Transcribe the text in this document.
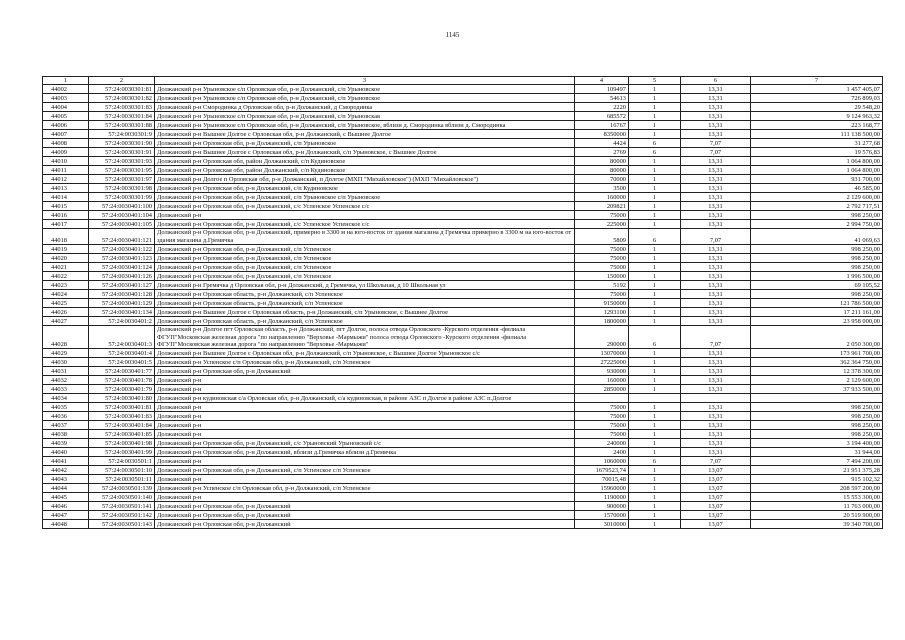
1145
1	2	3	4	5	6	7
44002	57:24:0030301:81	Должанский р-н Урыновское с/п Орловская обл, р-н Должанский, с/п Урыновское	109497	1	13,31	1 457 405,07
44003	57:24:0030301:82	Должанский р-н Урыновское с/п Орловская обл, р-н Должанский, с/п Урыновское	54613	1	13,31	726 899,03
44004	57:24:0030301:83	Должанский р-н Смородинка д Орловская обл, р-н Должанский, д Смородинка	2220	1	13,31	29 548,20
44005	57:24:0030301:84	Должанский р-н Урыновское с/п Орловская обл, р-н Должанский, с/п Урыновская	685572	1	13,31	9 124 963,32
44006	57:24:0030301:88	Должанский р-н Урыновское с/п Орловская обл, р-н Должанский, с/п Урыновское, вблизи д. Смородинка вблизи д. Смородинка	16767	1	13,31	223 168,77
44007	57:24:0030301:9	Должанский р-н Вышнее Долгое с Орловская обл, р-н Должанский, с Вышнее Долгое	8350000	1	13,31	111 138 500,00
44008	57:24:0030301:90	Должанский р-н Орловская обл, р-н Должанский, с/п Урыновское	4424	6	7,07	31 277,68
44009	57:24:0030301:91	Должанский р-н Вышнее Долгое с Орловская обл, р-н Должанский, с/п Урыновское, с Вышнее Долгое	2769	6	7,07	19 576,83
44010	57:24:0030301:93	Должанский р-н Орловская обл, район Должанский, с/п Кудиновское	80000	1	13,31	1 064 800,00
44011	57:24:0030301:95	Должанский р-н Орловская обл, район Должанский, с/п Кудиновское	80000	1	13,31	1 064 800,00
44012	57:24:0030301:97	Должанский р-н Долгое п Орловская обл, р-н Должанский, п Долгое (МХП "Михайловское") (МХП "Михайловское")	70000	1	13,31	931 700,00
44013	57:24:0030301:98	Должанский р-н Орловская обл, р-н Должанский, с/п Кудиновское	3500	1	13,31	46 585,00
44014	57:24:0030301:99	Должанский р-н Орловская обл, р-н Должанский, с/п Урыновское с/п Урыновское	160000	1	13,31	2 129 600,00
44015	57:24:0030401:100	Должанский р-н Орловская обл, р-н Должанский, с/с Успенское Успенское с/с	209821	1	13,31	2 792 717,51
44016	57:24:0030401:104	Должанский р-н	75000	1	13,31	998 250,00
44017	57:24:0030401:105	Должанский р-н Орловская обл, р-н Должанский, с/с Успенское Успенское с/с	225000	1	13,31	2 994 750,00
44018	57:24:0030401:121	Должанский р-н Орловская обл, р-н Должанский, примерно в 3300 м на юго-восток от здания магазина д Гремячка примерно в 3300 м на юго-восток от здания магазина д.Гремячка	5809	6	7,07	41 069,63
44019	57:24:0030401:122	Должанский р-н Орловская обл, р-н Должанский, с/п Успенское	75000	1	13,31	998 250,00
44020	57:24:0030401:123	Должанский р-н Орловская обл, р-н Должанский, с/п Успенское	75000	1	13,31	998 250,00
44021	57:24:0030401:124	Должанский р-н Орловская обл, р-н Должанский, с/п Успенское	75000	1	13,31	998 250,00
44022	57:24:0030401:126	Должанский р-н Орловская обл, р-н Должанский, с/п Успенское	150000	1	13,31	1 996 500,00
44023	57:24:0030401:127	Должанский р-н Гремячка д Орловская обл, р-н Должанский, д Гремячка, ул Школьная, д 10 Школьная ул	5192	1	13,31	69 105,52
44024	57:24:0030401:128	Должанский р-н Орловская область, р-н Должанский, с/п Успенское	75000	1	13,31	998 250,00
44025	57:24:0030401:129	Должанский р-н Орловская область, р-н Должанский, с/п Успенское	9150000	1	13,31	121 786 500,00
44026	57:24:0030401:134	Должанский р-н Вышнее Долгое с Орловская область, р-н Должанский, с/п Урыновское, с Вышнее Долгое	1293100	1	13,31	17 211 161,00
44027	57:24:0030401:2	Должанский р-н Орловская область, р-н Должанский, с/п Успенское	1800000	1	13,31	23 958 000,00
44028	57:24:0030401:3	Должанский р-н Долгое пгт Орловская область, р-н Должанский, пгт Долгое, полоса отвода Орловского -Курского отделения -филиала ФГУП"Московская железная дорога "по направлению "Верховье -Мармыжи" полоса отвода Орловского -Курского отделения -филиала ФГУП"Московская железная дорога "по направлению "Верховье -Мармыжи"	290000	6	7,07	2 050 300,00
44029	57:24:0030401:4	Должанский р-н Вышнее Долгое с Орловская обл, р-н Должанский, с/п Урыновское, с Вышнее Долгое Урыновское с/с	13070000	1	13,31	173 961 700,00
44030	57:24:0030401:5	Должанский р-н Успенское с/п Орловская обл, р-н Должанский, с/п Успенское	27225000	1	13,31	362 364 750,00
44031	57:24:0030401:77	Должанский р-н Орловская обл, р-н Должанский	930000	1	13,31	12 378 300,00
44032	57:24:0030401:78	Должанский р-н	160000	1	13,31	2 129 600,00
44033	57:24:0030401:79	Должанский р-н	2850000	1	13,31	37 933 500,00
44034	57:24:0030401:80	Должанский р-н кудиновская с/а Орловская обл, р-н Должанский, с/а кудиновская, в районе АЗС п Долгое в районе АЗС п.Долгое				
44035	57:24:0030401:81	Должанский р-н	75000	1	13,31	998 250,00
44036	57:24:0030401:83	Должанский р-н	75000	1	13,31	998 250,00
44037	57:24:0030401:84	Должанский р-н	75000	1	13,31	998 250,00
44038	57:24:0030401:85	Должанский р-н	75000	1	13,31	998 250,00
44039	57:24:0030401:98	Должанский р-н Орловская обл, р-н Должанский, с/с Урыновский Урыновский с/с	240000	1	13,31	3 194 400,00
44040	57:24:0030401:99	Должанский р-н Орловская обл, р-н Должанский, вблизи д.Гремячка вблизи д.Гремячка	2400	1	13,31	31 944,00
44041	57:24:0030501:1	Должанский р-н	1060000	6	7,07	7 494 200,00
44042	57:24:0030501:10	Должанский р-н Орловская обл, р-н Должанский, с/п Успенское с/п Успенское	1679523,74	1	13,07	21 951 375,28
44043	57:24:0030501:11	Должанский р-н	70015,48	1	13,07	915 102,32
44044	57:24:0030501:139	Должанский р-н Успенское с/п Орловская обл, р-н Должанский, с/п Успенское	15960000	1	13,07	208 597 200,00
44045	57:24:0030501:140	Должанский р-н	1190000	1	13,07	15 553 300,00
44046	57:24:0030501:141	Должанский р-н Орловская обл, р-н Должанский	900000	1	13,07	11 763 000,00
44047	57:24:0030501:142	Должанский р-н Орловская обл, р-н Должанский	1570000	1	13,07	20 519 900,00
44048	57:24:0030501:143	Должанский р-н Орловская обл, р-н Должанский	3010000	1	13,07	39 340 700,00
